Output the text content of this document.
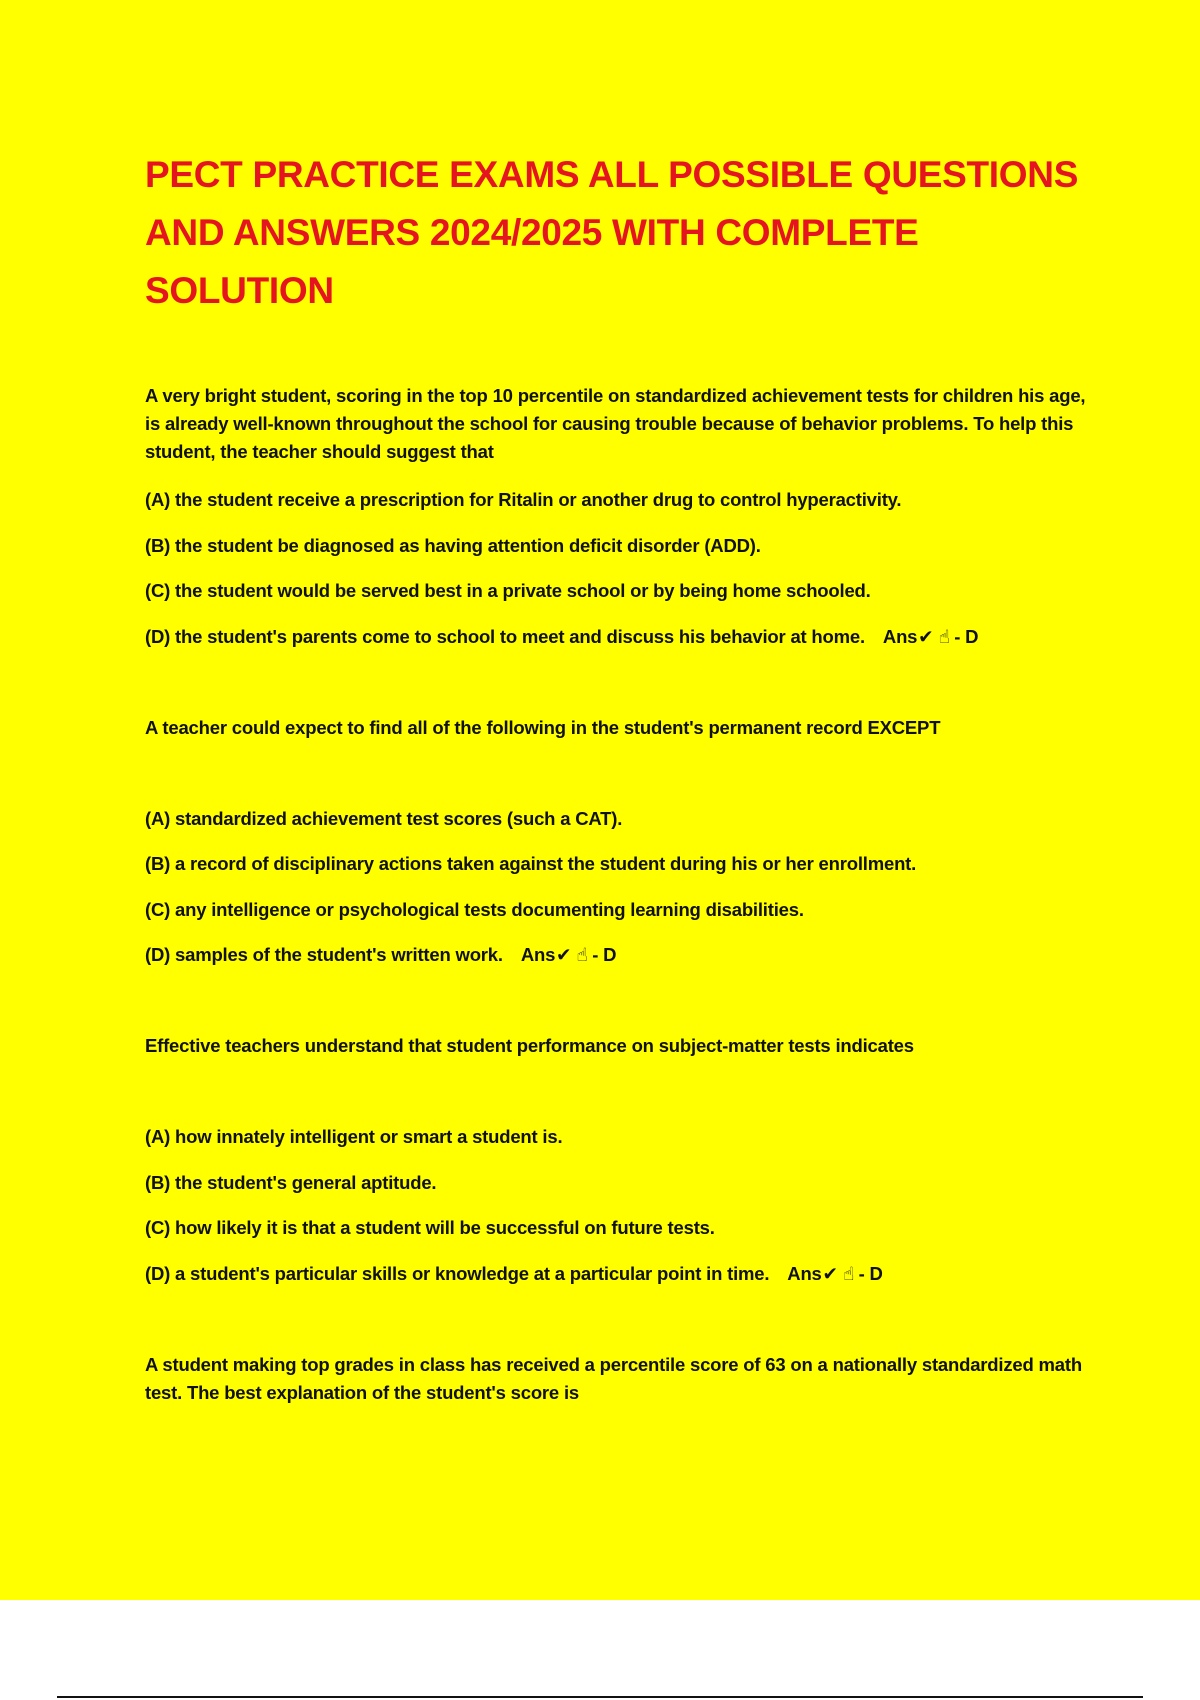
PECT PRACTICE EXAMS ALL POSSIBLE QUESTIONS AND ANSWERS 2024/2025 WITH COMPLETE SOLUTION

A very bright student, scoring in the top 10 percentile on standardized achievement tests for children his age, is already well-known throughout the school for causing trouble because of behavior problems. To help this student, the teacher should suggest that

(A) the student receive a prescription for Ritalin or another drug to control hyperactivity.

(B) the student be diagnosed as having attention deficit disorder (ADD).

(C) the student would be served best in a private school or by being home schooled.

(D) the student's parents come to school to meet and discuss his behavior at home. Ans✔ ☝ - D

A teacher could expect to find all of the following in the student's permanent record EXCEPT

(A) standardized achievement test scores (such a CAT).

(B) a record of disciplinary actions taken against the student during his or her enrollment.

(C) any intelligence or psychological tests documenting learning disabilities.

(D) samples of the student's written work. Ans✔ ☝ - D

Effective teachers understand that student performance on subject-matter tests indicates

(A) how innately intelligent or smart a student is.

(B) the student's general aptitude.

(C) how likely it is that a student will be successful on future tests.

(D) a student's particular skills or knowledge at a particular point in time. Ans✔ ☝ - D

A student making top grades in class has received a percentile score of 63 on a nationally standardized math test. The best explanation of the student's score is
